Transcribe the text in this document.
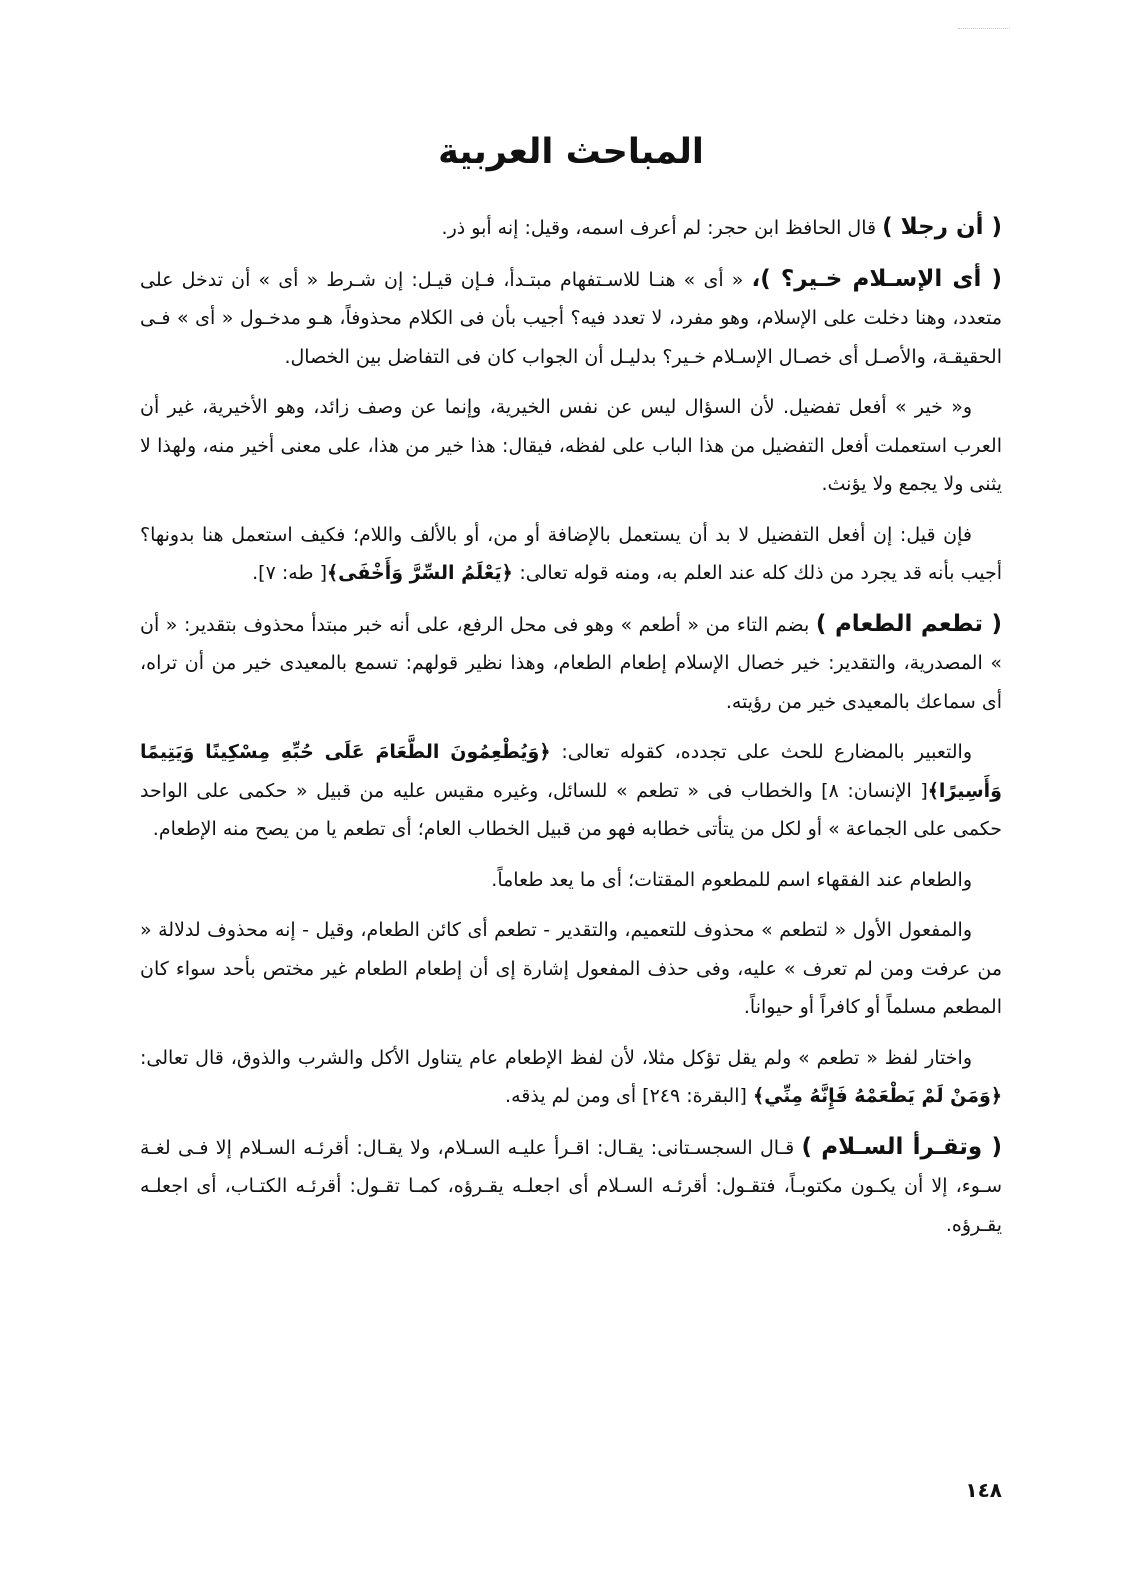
المباحث العربية

( أن رجلا ) قال الحافظ ابن حجر: لم أعرف اسمه، وقيل: إنه أبو ذر.

( أى الإسـلام خـير؟ )، « أى » هنـا للاسـتفهام مبتـدأ، فـإن قيـل: إن شـرط « أى » أن تدخل على متعدد، وهنا دخلت على الإسلام، وهو مفرد، لا تعدد فيه؟ أجيب بأن فى الكلام محذوفاً، هـو مدخـول « أى » فـى الحقيقـة، والأصـل أى خصـال الإسـلام خـير؟ بدليـل أن الجواب كان فى التفاضل بين الخصال.

و« خير » أفعل تفضيل. لأن السؤال ليس عن نفس الخيرية، وإنما عن وصف زائد، وهو الأخيرية، غير أن العرب استعملت أفعل التفضيل من هذا الباب على لفظه، فيقال: هذا خير من هذا، على معنى أخير منه، ولهذا لا يثنى ولا يجمع ولا يؤنث.

فإن قيل: إن أفعل التفضيل لا بد أن يستعمل بالإضافة أو من، أو بالألف واللام؛ فكيف استعمل هنا بدونها؟ أجيب بأنه قد يجرد من ذلك كله عند العلم به، ومنه قوله تعالى: ﴿يَعْلَمُ السِّرَّ وَأَخْفَى﴾[ طه: ٧].

( تطعم الطعام ) بضم التاء من « أطعم » وهو فى محل الرفع، على أنه خبر مبتدأ محذوف بتقدير: « أن » المصدرية، والتقدير: خير خصال الإسلام إطعام الطعام، وهذا نظير قولهم: تسمع بالمعيدى خير من أن تراه، أى سماعك بالمعيدى خير من رؤيته.

والتعبير بالمضارع للحث على تجدده، كقوله تعالى: ﴿وَيُطْعِمُونَ الطَّعَامَ عَلَى حُبِّهِ مِسْكِينًا وَيَتِيمًا وَأَسِيرًا﴾[ الإنسان: ٨] والخطاب فى « تطعم » للسائل، وغيره مقيس عليه من قبيل « حكمى على الواحد حكمى على الجماعة » أو لكل من يتأتى خطابه فهو من قبيل الخطاب العام؛ أى تطعم يا من يصح منه الإطعام.

والطعام عند الفقهاء اسم للمطعوم المقتات؛ أى ما يعد طعاماً.

والمفعول الأول « لتطعم » محذوف للتعميم، والتقدير - تطعم أى كائن الطعام، وقيل - إنه محذوف لدلالة « من عرفت ومن لم تعرف » عليه، وفى حذف المفعول إشارة إى أن إطعام الطعام غير مختص بأحد سواء كان المطعم مسلماً أو كافراً أو حيواناً.

واختار لفظ « تطعم » ولم يقل تؤكل مثلا، لأن لفظ الإطعام عام يتناول الأكل والشرب والذوق، قال تعالى: ﴿وَمَنْ لَمْ يَطْعَمْهُ فَإِنَّهُ مِنِّي﴾ [البقرة: ٢٤٩] أى ومن لم يذقه.

( وتقـرأ السـلام ) قـال السجسـتانى: يقـال: اقـرأ عليـه السـلام، ولا يقـال: أقرئـه السـلام إلا فـى لغـة سـوء، إلا أن يكـون مكتوبـاً، فتقـول: أقرئـه السـلام أى اجعلـه يقـرؤه، كمـا تقـول: أقرئـه الكتـاب، أى اجعلـه يقـرؤه.

١٤٨
